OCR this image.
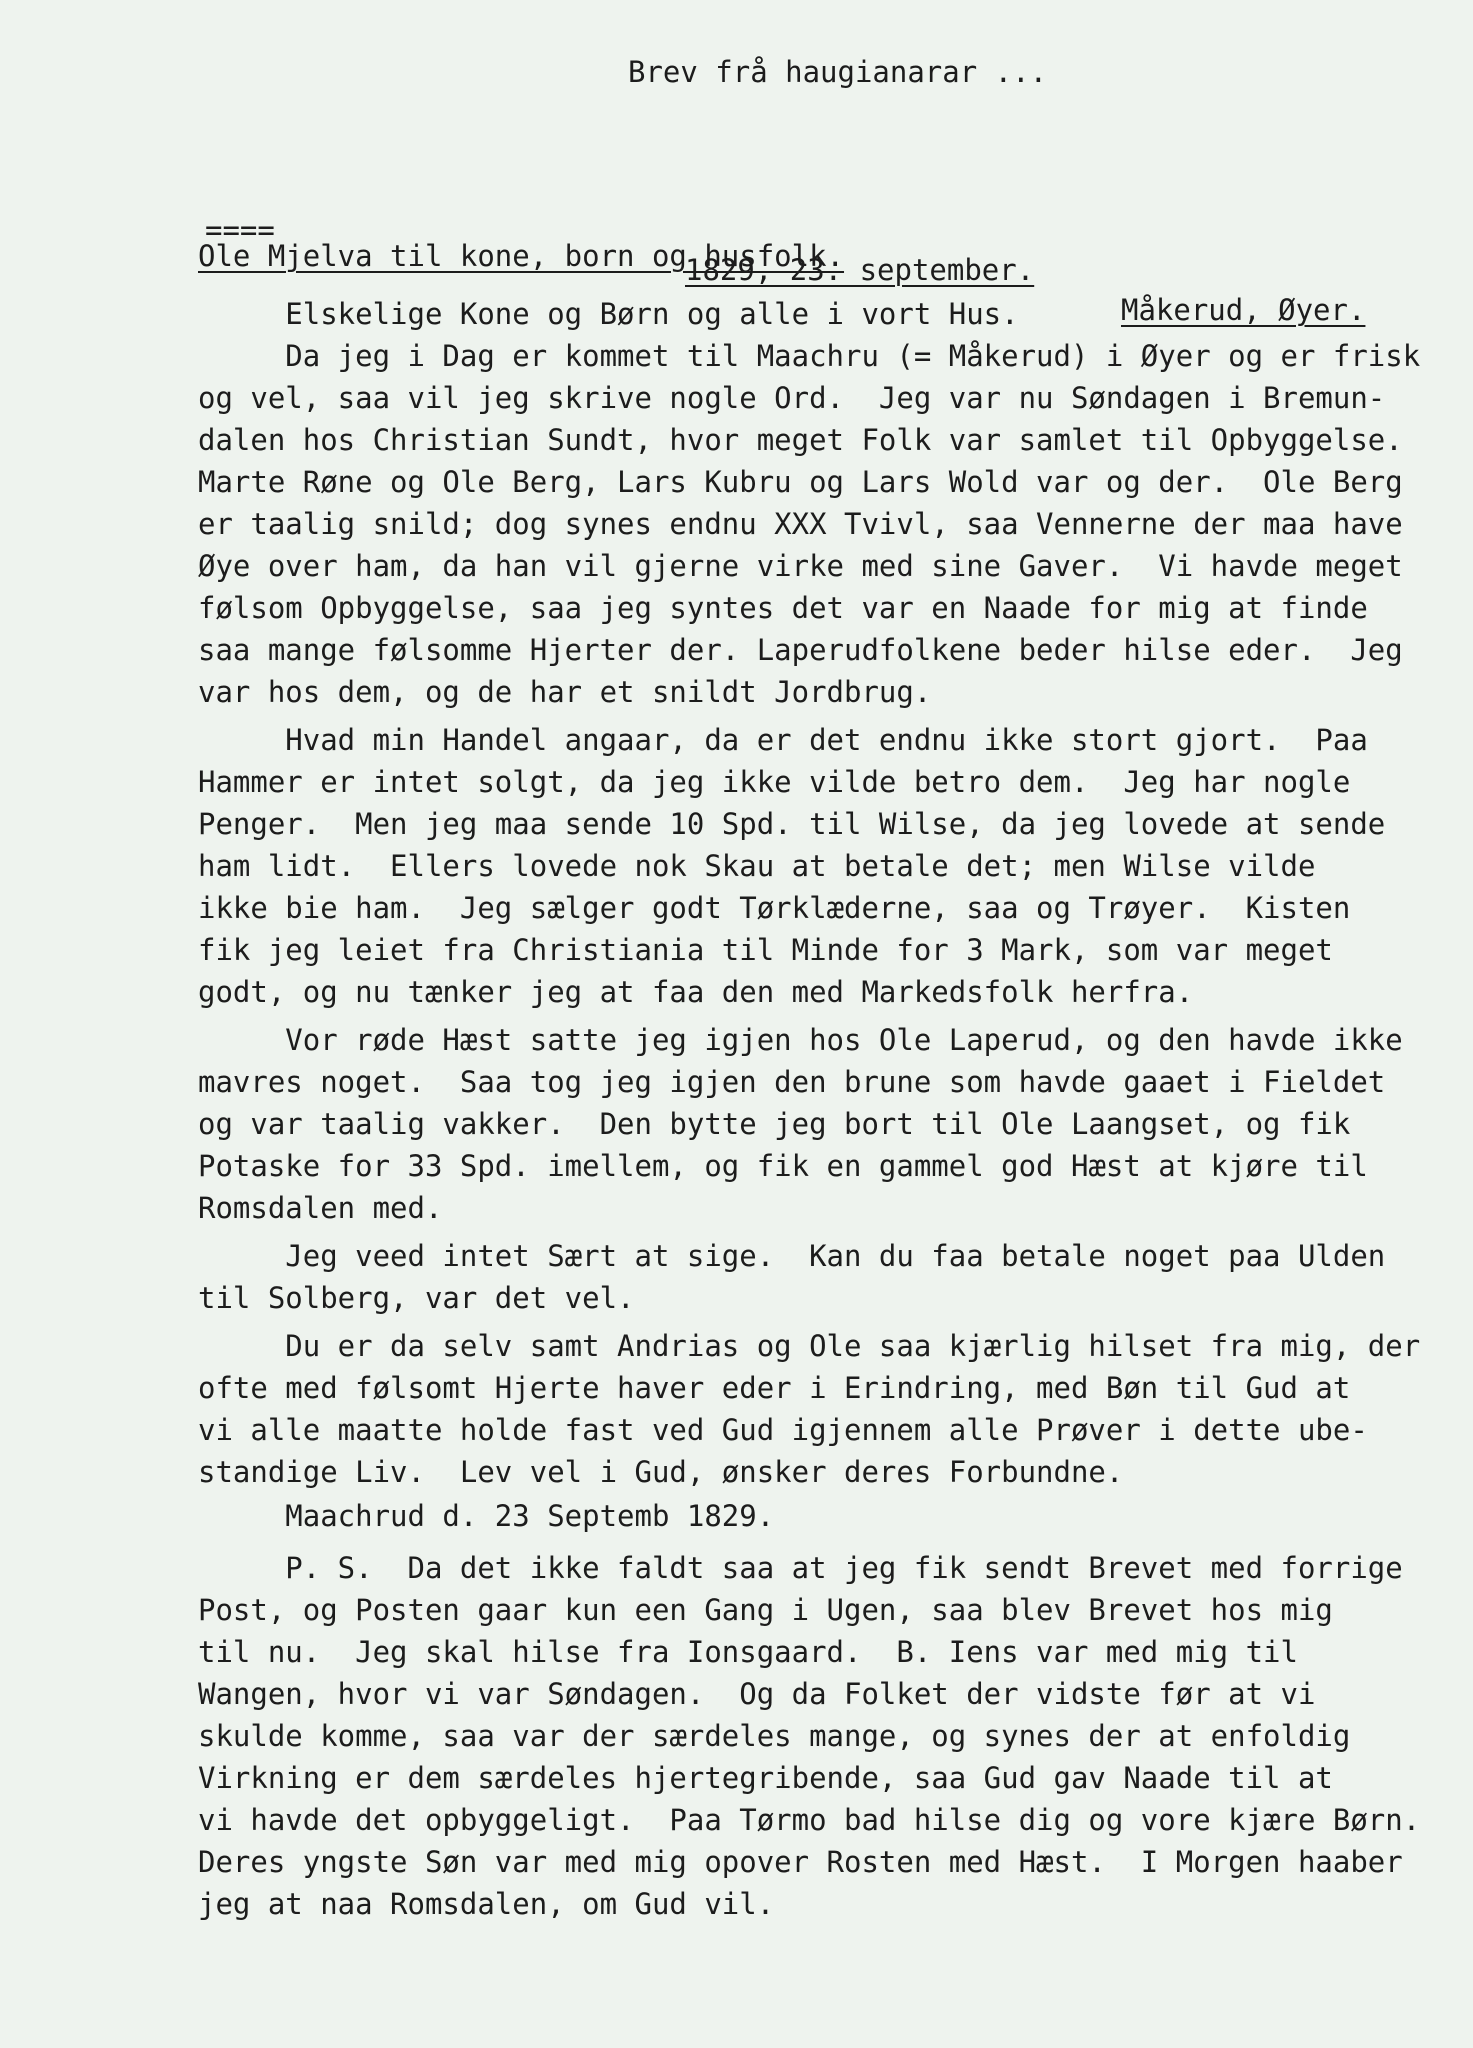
Brev frå haugianarar ...

====

1829, 23. september.

Måkerud, Øyer.

Ole Mjelva til kone, born og husfolk.
Elskelige Kone og Børn og alle i vort Hus.
Da jeg i Dag er kommet til Maachru (= Måkerud) i Øyer og er frisk
og vel, saa vil jeg skrive nogle Ord.  Jeg var nu Søndagen i Bremun-
dalen hos Christian Sundt, hvor meget Folk var samlet til Opbyggelse.
Marte Røne og Ole Berg, Lars Kubru og Lars Wold var og der.  Ole Berg
er taalig snild; dog synes endnu XXX Tvivl, saa Vennerne der maa have
Øye over ham, da han vil gjerne virke med sine Gaver.  Vi havde meget
følsom Opbyggelse, saa jeg syntes det var en Naade for mig at finde
saa mange følsomme Hjerter der. Laperudfolkene beder hilse eder.  Jeg
var hos dem, og de har et snildt Jordbrug.
Hvad min Handel angaar, da er det endnu ikke stort gjort.  Paa
Hammer er intet solgt, da jeg ikke vilde betro dem.  Jeg har nogle
Penger.  Men jeg maa sende 10 Spd. til Wilse, da jeg lovede at sende
ham lidt.  Ellers lovede nok Skau at betale det; men Wilse vilde
ikke bie ham.  Jeg sælger godt Tørklæderne, saa og Trøyer.  Kisten
fik jeg leiet fra Christiania til Minde for 3 Mark, som var meget
godt, og nu tænker jeg at faa den med Markedsfolk herfra.
Vor røde Hæst satte jeg igjen hos Ole Laperud, og den havde ikke
mavres noget.  Saa tog jeg igjen den brune som havde gaaet i Fieldet
og var taalig vakker.  Den bytte jeg bort til Ole Laangset, og fik
Potaske for 33 Spd. imellem, og fik en gammel god Hæst at kjøre til
Romsdalen med.
Jeg veed intet Sært at sige.  Kan du faa betale noget paa Ulden
til Solberg, var det vel.
Du er da selv samt Andrias og Ole saa kjærlig hilset fra mig, der
ofte med følsomt Hjerte haver eder i Erindring, med Bøn til Gud at
vi alle maatte holde fast ved Gud igjennem alle Prøver i dette ube-
standige Liv.  Lev vel i Gud, ønsker deres Forbundne.
Maachrud d. 23 Septemb 1829.
P. S.  Da det ikke faldt saa at jeg fik sendt Brevet med forrige
Post, og Posten gaar kun een Gang i Ugen, saa blev Brevet hos mig
til nu.  Jeg skal hilse fra Ionsgaard.  B. Iens var med mig til
Wangen, hvor vi var Søndagen.  Og da Folket der vidste før at vi
skulde komme, saa var der særdeles mange, og synes der at enfoldig
Virkning er dem særdeles hjertegribende, saa Gud gav Naade til at
vi havde det opbyggeligt.  Paa Tørmo bad hilse dig og vore kjære Børn.
Deres yngste Søn var med mig opover Rosten med Hæst.  I Morgen haaber
jeg at naa Romsdalen, om Gud vil.
